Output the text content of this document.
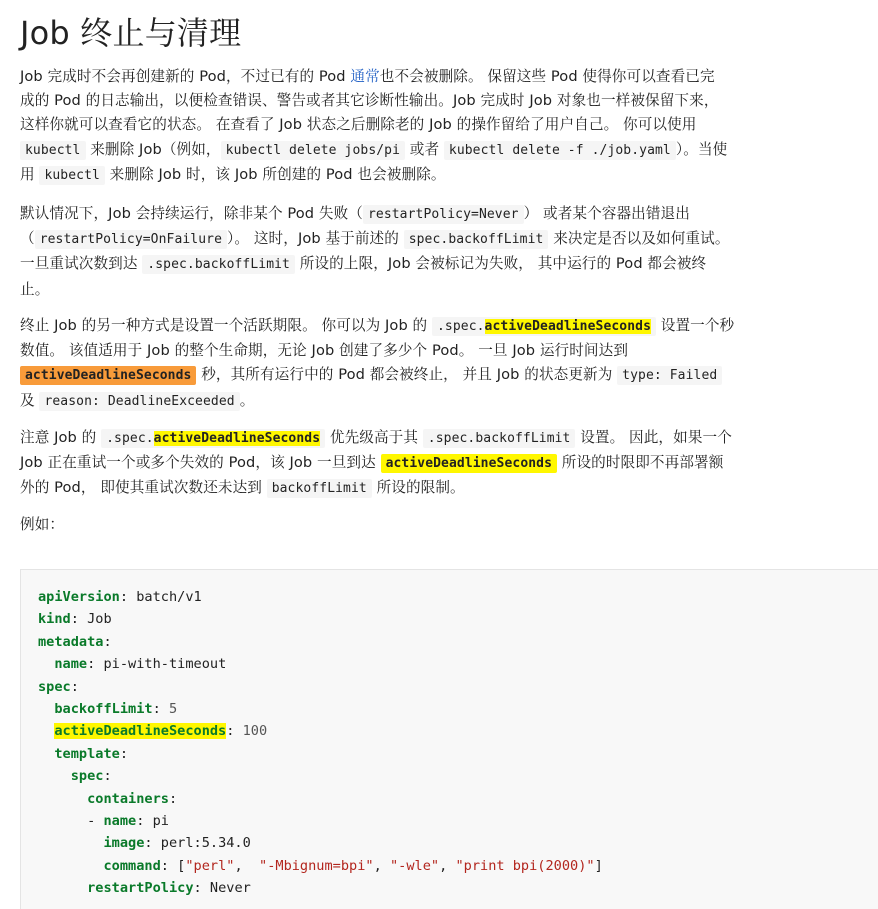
Job 终止与清理
Job 完成时不会再创建新的 Pod，不过已有的 Pod 通常也不会被删除。 保留这些 Pod 使得你可以查看已完
成的 Pod 的日志输出，以便检查错误、警告或者其它诊断性输出。Job 完成时 Job 对象也一样被保留下来，
这样你就可以查看它的状态。 在查看了 Job 状态之后删除老的 Job 的操作留给了用户自己。 你可以使用
kubectl 来删除 Job（例如， kubectl delete jobs/pi 或者 kubectl delete -f ./job.yaml ）。当使
用 kubectl 来删除 Job 时，该 Job 所创建的 Pod 也会被删除。
默认情况下，Job 会持续运行，除非某个 Pod 失败（ restartPolicy=Never ） 或者某个容器出错退出
（ restartPolicy=OnFailure ）。 这时，Job 基于前述的 spec.backoffLimit 来决定是否以及如何重试。
一旦重试次数到达 .spec.backoffLimit 所设的上限，Job 会被标记为失败， 其中运行的 Pod 都会被终
止。
终止 Job 的另一种方式是设置一个活跃期限。 你可以为 Job 的 .spec.activeDeadlineSeconds 设置一个秒
数值。 该值适用于 Job 的整个生命期，无论 Job 创建了多少个 Pod。 一旦 Job 运行时间达到
activeDeadlineSeconds 秒，其所有运行中的 Pod 都会被终止， 并且 Job 的状态更新为 type: Failed
及 reason: DeadlineExceeded 。
注意 Job 的 .spec.activeDeadlineSeconds 优先级高于其 .spec.backoffLimit 设置。 因此，如果一个
Job 正在重试一个或多个失效的 Pod，该 Job 一旦到达 activeDeadlineSeconds 所设的时限即不再部署额
外的 Pod， 即使其重试次数还未达到 backoffLimit 所设的限制。
例如：
apiVersion: batch/v1
kind: Job
metadata:
name: pi-with-timeout
spec:
backoffLimit: 5
activeDeadlineSeconds: 100
template:
spec:
containers:
- name: pi
image: perl:5.34.0
command: ["perl",  "-Mbignum=bpi", "-wle", "print bpi(2000)"]
restartPolicy: Never
